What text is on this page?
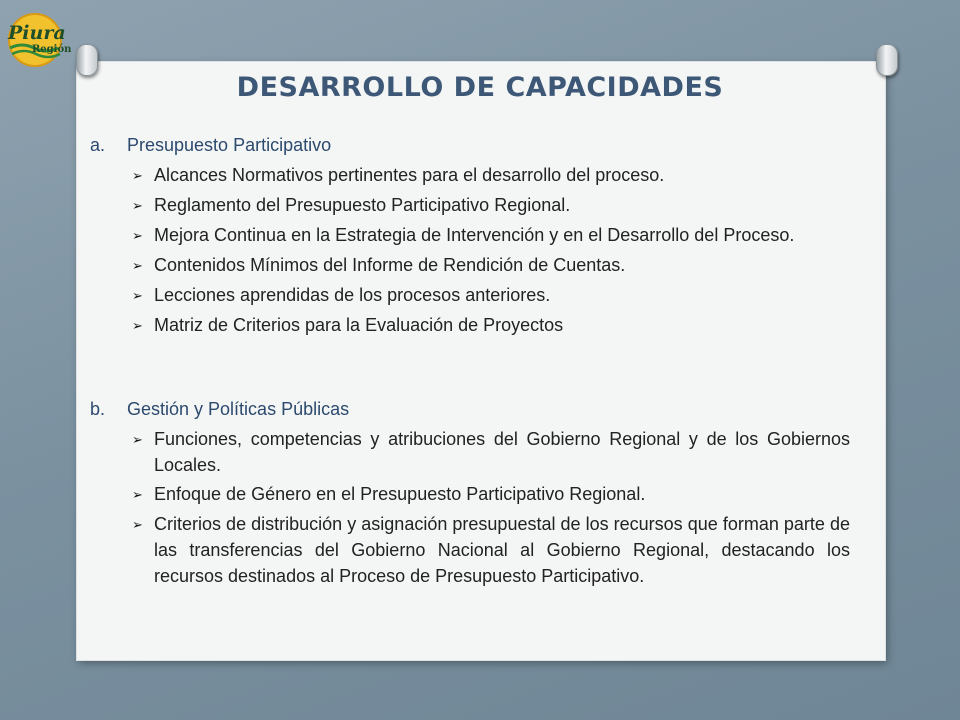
Piura
Región
DESARROLLO DE CAPACIDADES
a.	Presupuesto Participativo
➢ Alcances Normativos pertinentes para el desarrollo del proceso.
➢ Reglamento del Presupuesto Participativo Regional.
➢ Mejora Continua en la Estrategia de Intervención y en el Desarrollo del Proceso.
➢ Contenidos Mínimos del Informe de Rendición de Cuentas.
➢ Lecciones aprendidas de los procesos anteriores.
➢ Matriz de Criterios para la Evaluación de Proyectos
b.	Gestión y Políticas Públicas
➢ Funciones, competencias y atribuciones del Gobierno Regional y de los Gobiernos Locales.
➢ Enfoque de Género en el Presupuesto Participativo Regional.
➢ Criterios de distribución y asignación presupuestal de los recursos que forman parte de las transferencias del Gobierno Nacional al Gobierno Regional, destacando los recursos destinados al Proceso de Presupuesto Participativo.
